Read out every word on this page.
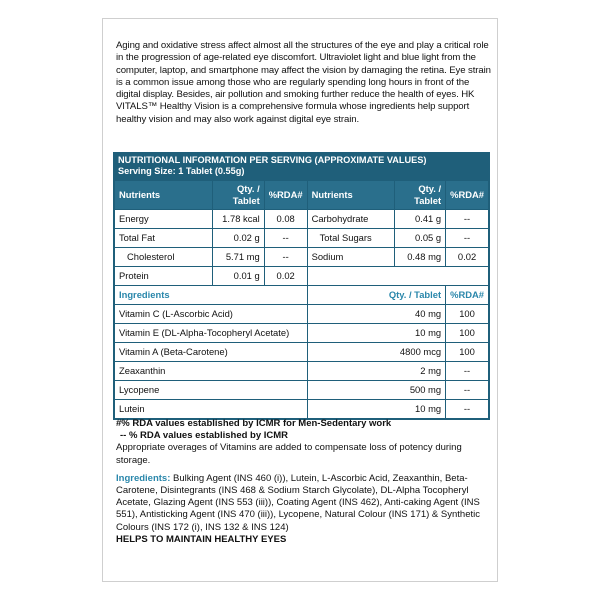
Aging and oxidative stress affect almost all the structures of the eye and play a critical role in the progression of age-related eye discomfort. Ultraviolet light and blue light from the computer, laptop, and smartphone may affect the vision by damaging the retina. Eye strain is a common issue among those who are regularly spending long hours in front of the digital display. Besides, air pollution and smoking further reduce the health of eyes. HK VITALS™ Healthy Vision is a comprehensive formula whose ingredients help support healthy vision and may also work against digital eye strain.
NUTRITIONAL INFORMATION PER SERVING (APPROXIMATE VALUES)
Serving Size: 1 Tablet (0.55g)
Nutrients	Qty. / Tablet	%RDA#	Nutrients	Qty. / Tablet	%RDA#
Energy	1.78 kcal	0.08	Carbohydrate	0.41 g	--
Total Fat	0.02 g	--	Total Sugars	0.05 g	--
Cholesterol	5.71 mg	--	Sodium	0.48 mg	0.02
Protein	0.01 g	0.02			
Ingredients			Qty. / Tablet		%RDA#
Vitamin C (L-Ascorbic Acid)			40 mg		100
Vitamin E (DL-Alpha-Tocopheryl Acetate)			10 mg		100
Vitamin A (Beta-Carotene)			4800 mcg		100
Zeaxanthin			2 mg		--
Lycopene			500 mg		--
Lutein			10 mg		--

#% RDA values established by ICMR for Men-Sedentary work

-- % RDA values established by ICMR

Appropriate overages of Vitamins are added to compensate loss of potency during storage.

Ingredients: Bulking Agent (INS 460 (i)), Lutein, L-Ascorbic Acid, Zeaxanthin, Beta-Carotene, Disintegrants (INS 468 & Sodium Starch Glycolate), DL-Alpha Tocopheryl Acetate, Glazing Agent (INS 553 (iii)), Coating Agent (INS 462), Anti-caking Agent (INS 551), Antisticking Agent (INS 470 (iii)), Lycopene, Natural Colour (INS 171) & Synthetic Colours (INS 172 (i), INS 132 & INS 124)

HELPS TO MAINTAIN HEALTHY EYES
